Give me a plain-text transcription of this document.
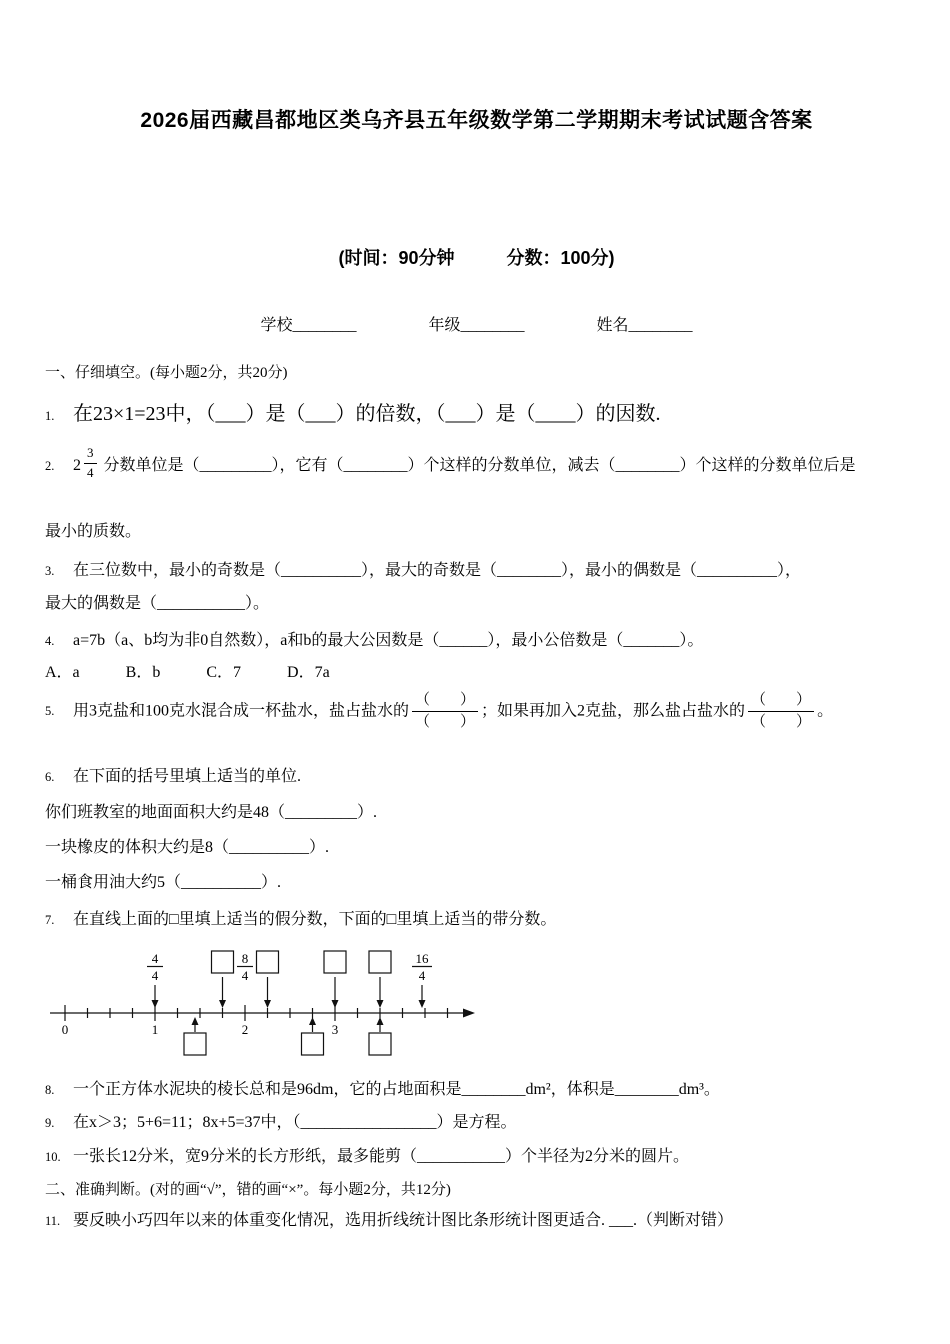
2026届西藏昌都地区类乌齐县五年级数学第二学期期末考试试题含答案
(时间：90分钟	分数：100分)
学校________	年级________	姓名________
一、仔细填空。(每小题2分，共20分)
1. 在23×1=23中，（___）是（___）的倍数，（___）是（____）的因数.
2. $2 \frac{3}{4}$ 分数单位是（_________），它有（________）个这样的分数单位，减去（________）个这样的分数单位后是
最小的质数。
3. 在三位数中，最小的奇数是（__________），最大的奇数是（________），最小的偶数是（__________），
最大的偶数是（___________）。
4. a=7b（a、b均为非0自然数），a和b的最大公因数是（______），最小公倍数是（_______）。
A．a	B．b	C．7	D．7a
5. 用3克盐和100克水混合成一杯盐水，盐占盐水的 $\frac{( )}{( )}$ ；如果再加入2克盐，那么盐占盐水的 $\frac{( )}{( )}$ 。
6. 在下面的括号里填上适当的单位.
你们班教室的地面面积大约是48（_________）.
一块橡皮的体积大约是8（__________）.
一桶食用油大约5（__________）.
7. 在直线上面的□里填上适当的假分数，下面的□里填上适当的带分数。
4
4
8
4
16
4
0	1	2	3
8. 一个正方体水泥块的棱长总和是96dm，它的占地面积是________dm²，体积是________dm³。
9. 在x＞3；5+6=11；8x+5=37中，（_________________）是方程。
10. 一张长12分米，宽9分米的长方形纸，最多能剪（___________）个半径为2分米的圆片。
二、准确判断。(对的画“√”，错的画“×”。每小题2分，共12分)
11. 要反映小巧四年以来的体重变化情况，选用折线统计图比条形统计图更适合. ___.（判断对错）
